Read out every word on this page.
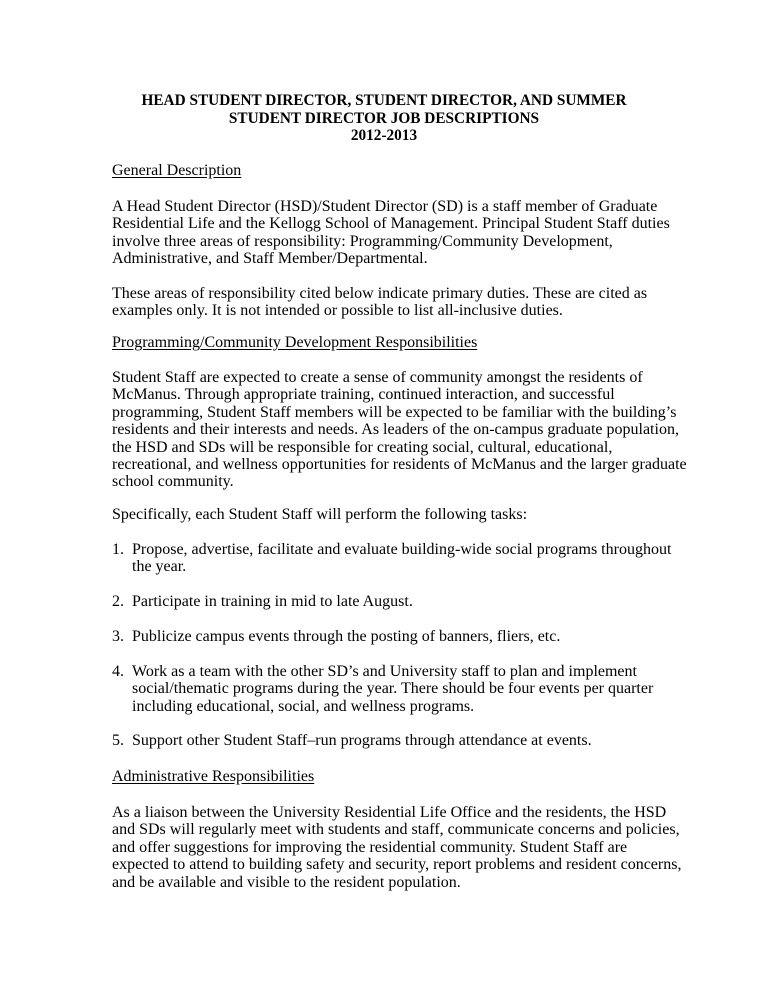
HEAD STUDENT DIRECTOR, STUDENT DIRECTOR, AND SUMMER
STUDENT DIRECTOR JOB DESCRIPTIONS
2012-2013
General Description
A Head Student Director (HSD)/Student Director (SD) is a staff member of Graduate
Residential Life and the Kellogg School of Management. Principal Student Staff duties
involve three areas of responsibility: Programming/Community Development,
Administrative, and Staff Member/Departmental.
These areas of responsibility cited below indicate primary duties. These are cited as
examples only. It is not intended or possible to list all-inclusive duties.
Programming/Community Development Responsibilities
Student Staff are expected to create a sense of community amongst the residents of
McManus. Through appropriate training, continued interaction, and successful
programming, Student Staff members will be expected to be familiar with the building’s
residents and their interests and needs. As leaders of the on-campus graduate population,
the HSD and SDs will be responsible for creating social, cultural, educational,
recreational, and wellness opportunities for residents of McManus and the larger graduate
school community.
Specifically, each Student Staff will perform the following tasks:
1. Propose, advertise, facilitate and evaluate building-wide social programs throughout
the year.
2. Participate in training in mid to late August.
3. Publicize campus events through the posting of banners, fliers, etc.
4. Work as a team with the other SD’s and University staff to plan and implement
social/thematic programs during the year. There should be four events per quarter
including educational, social, and wellness programs.
5. Support other Student Staff–run programs through attendance at events.
Administrative Responsibilities
As a liaison between the University Residential Life Office and the residents, the HSD
and SDs will regularly meet with students and staff, communicate concerns and policies,
and offer suggestions for improving the residential community. Student Staff are
expected to attend to building safety and security, report problems and resident concerns,
and be available and visible to the resident population.
